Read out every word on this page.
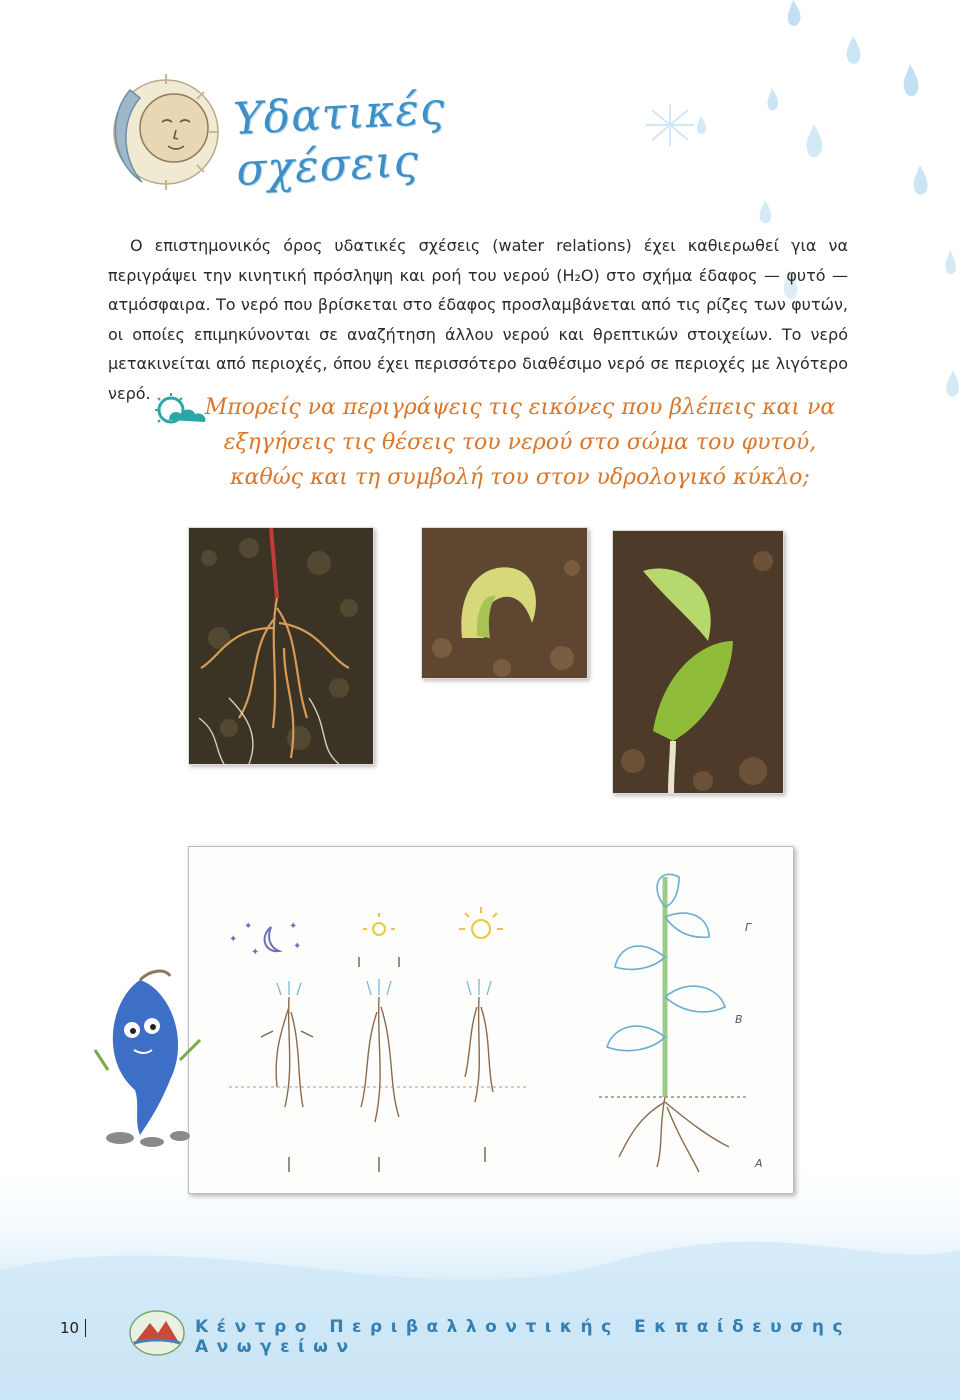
Υδατικές σχέσεις

Ο επιστημονικός όρος υδατικές σχέσεις (water relations) έχει καθιερωθεί για να περιγράψει την κινητική πρόσληψη και ροή του νερού (H₂O) στο σχήμα έδαφος — φυτό — ατμόσφαιρα. Το νερό που βρίσκεται στο έδαφος προσλαμβάνεται από τις ρίζες των φυτών, οι οποίες επιμηκύνονται σε αναζήτηση άλλου νερού και θρεπτικών στοιχείων. Το νερό μετακινείται από περιοχές, όπου έχει περισσότερο διαθέσιμο νερό σε περιοχές με λιγότερο νερό.

Μπορείς να περιγράψεις τις εικόνες που βλέπεις και να εξηγήσεις τις θέσεις του νερού στο σώμα του φυτού, καθώς και τη συμβολή του στον υδρολογικό κύκλο;
✦
✦	✦
✦
✦
Γ
Β
Α
10	Κέντρο Περιβαλλοντικής Εκπαίδευσης Ανωγείων
